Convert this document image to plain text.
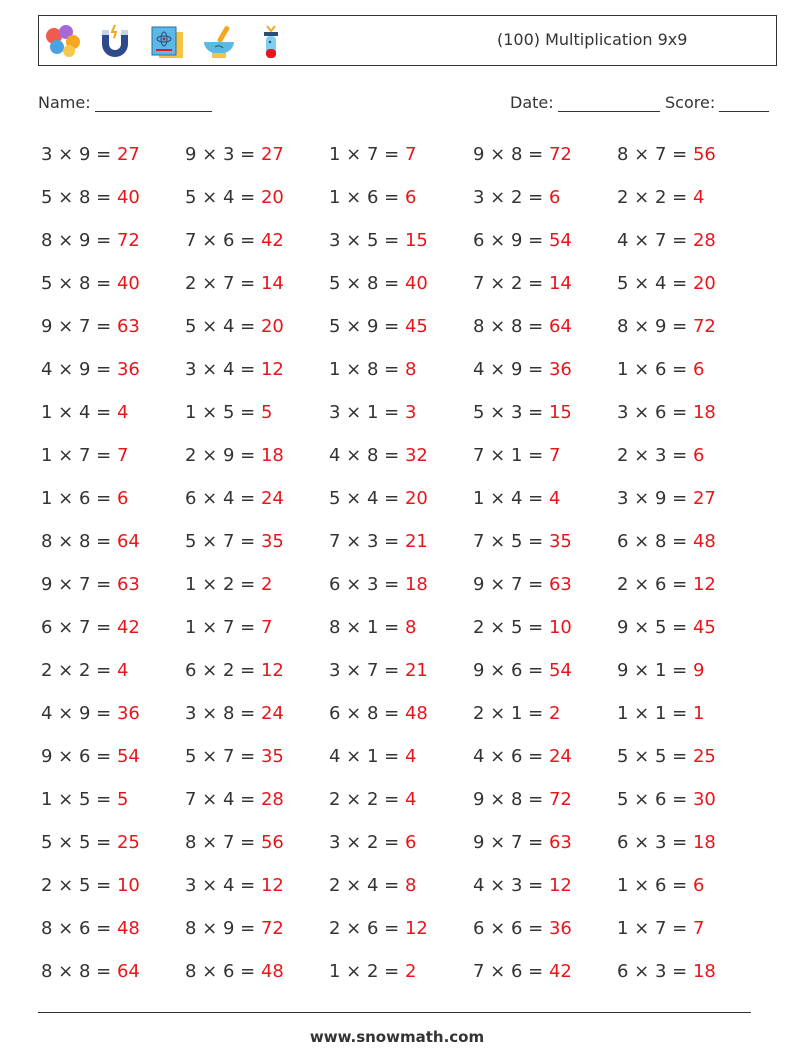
(100) Multiplication 9x9
Name:	Date:	Score:
3 × 9 = 27	9 × 3 = 27	1 × 7 = 7	9 × 8 = 72	8 × 7 = 56
5 × 8 = 40	5 × 4 = 20	1 × 6 = 6	3 × 2 = 6	2 × 2 = 4
8 × 9 = 72	7 × 6 = 42	3 × 5 = 15	6 × 9 = 54	4 × 7 = 28
5 × 8 = 40	2 × 7 = 14	5 × 8 = 40	7 × 2 = 14	5 × 4 = 20
9 × 7 = 63	5 × 4 = 20	5 × 9 = 45	8 × 8 = 64	8 × 9 = 72
4 × 9 = 36	3 × 4 = 12	1 × 8 = 8	4 × 9 = 36	1 × 6 = 6
1 × 4 = 4	1 × 5 = 5	3 × 1 = 3	5 × 3 = 15	3 × 6 = 18
1 × 7 = 7	2 × 9 = 18	4 × 8 = 32	7 × 1 = 7	2 × 3 = 6
1 × 6 = 6	6 × 4 = 24	5 × 4 = 20	1 × 4 = 4	3 × 9 = 27
8 × 8 = 64	5 × 7 = 35	7 × 3 = 21	7 × 5 = 35	6 × 8 = 48
9 × 7 = 63	1 × 2 = 2	6 × 3 = 18	9 × 7 = 63	2 × 6 = 12
6 × 7 = 42	1 × 7 = 7	8 × 1 = 8	2 × 5 = 10	9 × 5 = 45
2 × 2 = 4	6 × 2 = 12	3 × 7 = 21	9 × 6 = 54	9 × 1 = 9
4 × 9 = 36	3 × 8 = 24	6 × 8 = 48	2 × 1 = 2	1 × 1 = 1
9 × 6 = 54	5 × 7 = 35	4 × 1 = 4	4 × 6 = 24	5 × 5 = 25
1 × 5 = 5	7 × 4 = 28	2 × 2 = 4	9 × 8 = 72	5 × 6 = 30
5 × 5 = 25	8 × 7 = 56	3 × 2 = 6	9 × 7 = 63	6 × 3 = 18
2 × 5 = 10	3 × 4 = 12	2 × 4 = 8	4 × 3 = 12	1 × 6 = 6
8 × 6 = 48	8 × 9 = 72	2 × 6 = 12	6 × 6 = 36	1 × 7 = 7
8 × 8 = 64	8 × 6 = 48	1 × 2 = 2	7 × 6 = 42	6 × 3 = 18
www.snowmath.com
